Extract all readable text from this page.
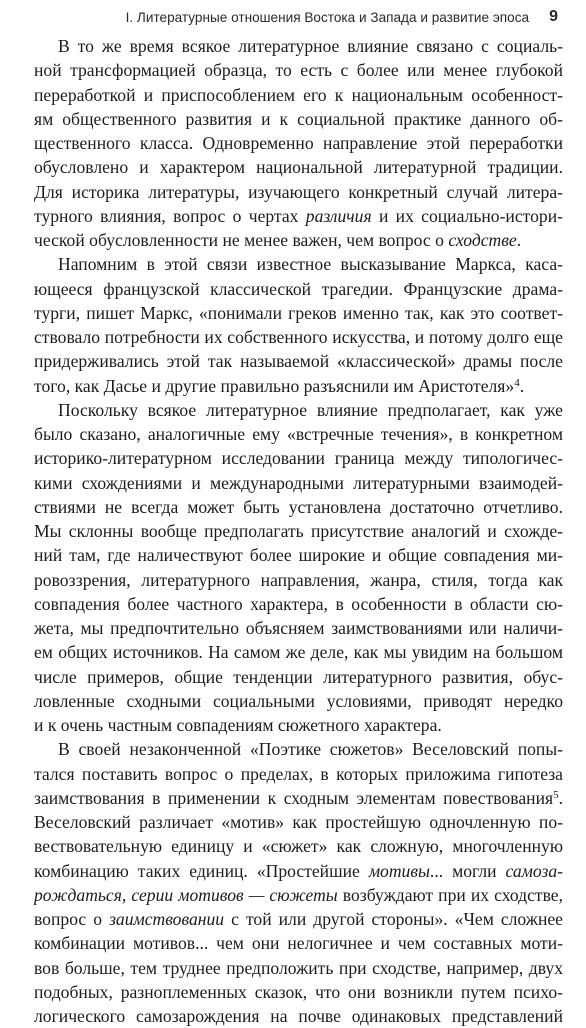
I. Литературные отношения Востока и Запада и развитие эпоса 9
В то же время всякое литературное влияние связано с социаль-
ной трансформацией образца, то есть с более или менее глубокой
переработкой и приспособлением его к национальным особенност-
ям общественного развития и к социальной практике данного об-
щественного класса. Одновременно направление этой переработки
обусловлено и характером национальной литературной традиции.
Для историка литературы, изучающего конкретный случай литера-
турного влияния, вопрос о чертах различия и их социально-истори-
ческой обусловленности не менее важен, чем вопрос о сходстве.
Напомним в этой связи известное высказывание Маркса, каса-
ющееся французской классической трагедии. Французские драма-
турги, пишет Маркс, «понимали греков именно так, как это соответ-
ствовало потребности их собственного искусства, и потому долго еще
придерживались этой так называемой «классической» драмы после
того, как Дасье и другие правильно разъяснили им Аристотеля»$^4$.
Поскольку всякое литературное влияние предполагает, как уже
было сказано, аналогичные ему «встречные течения», в конкретном
историко-литературном исследовании граница между типологичес-
кими схождениями и международными литературными взаимодей-
ствиями не всегда может быть установлена достаточно отчетливо.
Мы склонны вообще предполагать присутствие аналогий и схожде-
ний там, где наличествуют более широкие и общие совпадения ми-
ровоззрения, литературного направления, жанра, стиля, тогда как
совпадения более частного характера, в особенности в области сю-
жета, мы предпочтительно объясняем заимствованиями или наличи-
ем общих источников. На самом же деле, как мы увидим на большом
числе примеров, общие тенденции литературного развития, обус-
ловленные сходными социальными условиями, приводят нередко
и к очень частным совпадениям сюжетного характера.
В своей незаконченной «Поэтике сюжетов» Веселовский попы-
тался поставить вопрос о пределах, в которых приложима гипотеза
заимствования в применении к сходным элементам повествования$^5$.
Веселовский различает «мотив» как простейшую одночленную по-
вествовательную единицу и «сюжет» как сложную, многочленную
комбинацию таких единиц. «Простейшие мотивы... могли самоза-
рождаться, серии мотивов — сюжеты возбуждают при их сходстве,
вопрос о заимствовании с той или другой стороны». «Чем сложнее
комбинации мотивов... чем они нелогичнее и чем составных моти-
вов больше, тем труднее предположить при сходстве, например, двух
подобных, разноплеменных сказок, что они возникли путем психо-
логического самозарождения на почве одинаковых представлений
